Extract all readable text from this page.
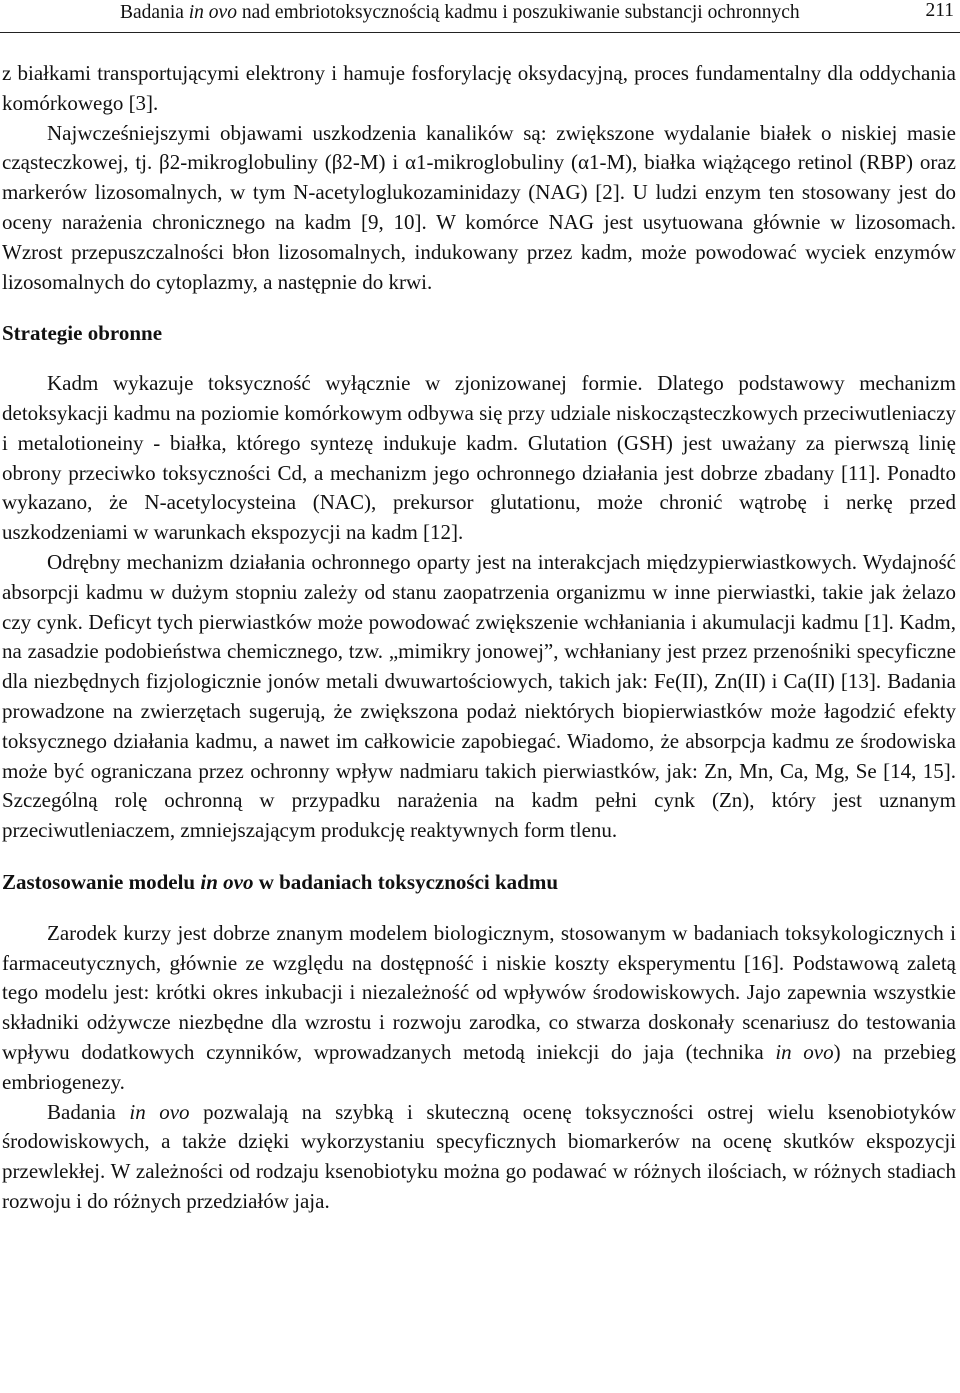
Badania in ovo nad embriotoksycznością kadmu i poszukiwanie substancji ochronnych	211

z białkami transportującymi elektrony i hamuje fosforylację oksydacyjną, proces fundamentalny dla oddychania komórkowego [3].

Najwcześniejszymi objawami uszkodzenia kanalików są: zwiększone wydalanie białek o niskiej masie cząsteczkowej, tj. β2-mikroglobuliny (β2-M) i α1-mikroglobuliny (α1-M), białka wiążącego retinol (RBP) oraz markerów lizosomalnych, w tym N-acetyloglukozaminidazy (NAG) [2]. U ludzi enzym ten stosowany jest do oceny narażenia chronicznego na kadm [9, 10]. W komórce NAG jest usytuowana głównie w lizosomach. Wzrost przepuszczalności błon lizosomalnych, indukowany przez kadm, może powodować wyciek enzymów lizosomalnych do cytoplazmy, a następnie do krwi.

Strategie obronne

Kadm wykazuje toksyczność wyłącznie w zjonizowanej formie. Dlatego podstawowy mechanizm detoksykacji kadmu na poziomie komórkowym odbywa się przy udziale niskocząsteczkowych przeciwutleniaczy i metalotioneiny - białka, którego syntezę indukuje kadm. Glutation (GSH) jest uważany za pierwszą linię obrony przeciwko toksyczności Cd, a mechanizm jego ochronnego działania jest dobrze zbadany [11]. Ponadto wykazano, że N-acetylocysteina (NAC), prekursor glutationu, może chronić wątrobę i nerkę przed uszkodzeniami w warunkach ekspozycji na kadm [12].

Odrębny mechanizm działania ochronnego oparty jest na interakcjach międzypierwiastkowych. Wydajność absorpcji kadmu w dużym stopniu zależy od stanu zaopatrzenia organizmu w inne pierwiastki, takie jak żelazo czy cynk. Deficyt tych pierwiastków może powodować zwiększenie wchłaniania i akumulacji kadmu [1]. Kadm, na zasadzie podobieństwa chemicznego, tzw. „mimikry jonowej”, wchłaniany jest przez przenośniki specyficzne dla niezbędnych fizjologicznie jonów metali dwuwartościowych, takich jak: Fe(II), Zn(II) i Ca(II) [13]. Badania prowadzone na zwierzętach sugerują, że zwiększona podaż niektórych biopierwiastków może łagodzić efekty toksycznego działania kadmu, a nawet im całkowicie zapobiegać. Wiadomo, że absorpcja kadmu ze środowiska może być ograniczana przez ochronny wpływ nadmiaru takich pierwiastków, jak: Zn, Mn, Ca, Mg, Se [14, 15]. Szczególną rolę ochronną w przypadku narażenia na kadm pełni cynk (Zn), który jest uznanym przeciwutleniaczem, zmniejszającym produkcję reaktywnych form tlenu.

Zastosowanie modelu in ovo w badaniach toksyczności kadmu

Zarodek kurzy jest dobrze znanym modelem biologicznym, stosowanym w badaniach toksykologicznych i farmaceutycznych, głównie ze względu na dostępność i niskie koszty eksperymentu [16]. Podstawową zaletą tego modelu jest: krótki okres inkubacji i niezależność od wpływów środowiskowych. Jajo zapewnia wszystkie składniki odżywcze niezbędne dla wzrostu i rozwoju zarodka, co stwarza doskonały scenariusz do testowania wpływu dodatkowych czynników, wprowadzanych metodą iniekcji do jaja (technika in ovo) na przebieg embriogenezy.

Badania in ovo pozwalają na szybką i skuteczną ocenę toksyczności ostrej wielu ksenobiotyków środowiskowych, a także dzięki wykorzystaniu specyficznych biomarkerów na ocenę skutków ekspozycji przewlekłej. W zależności od rodzaju ksenobiotyku można go podawać w różnych ilościach, w różnych stadiach rozwoju i do różnych przedziałów jaja.
